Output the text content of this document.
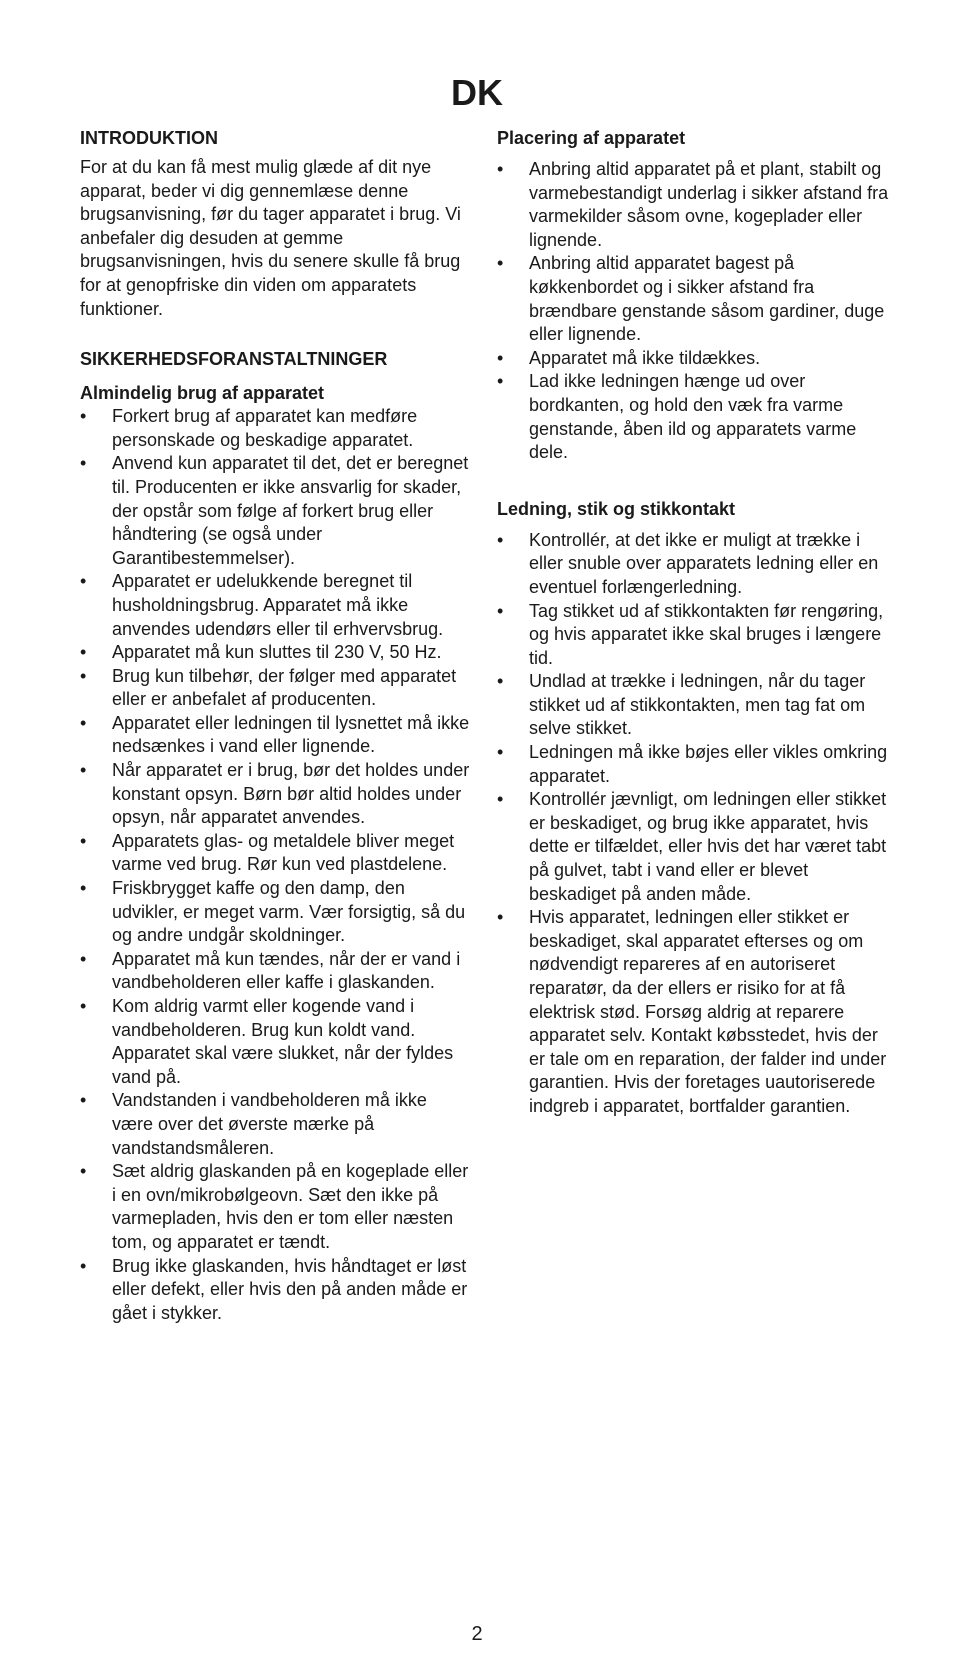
DK
INTRODUKTION

For at du kan få mest mulig glæde af dit nye apparat, beder vi dig gennemlæse denne brugsanvisning, før du tager apparatet i brug. Vi anbefaler dig desuden at gemme brugsanvisningen, hvis du senere skulle få brug for at genopfriske din viden om apparatets funktioner.

SIKKERHEDSFORANSTALTNINGER
Almindelig brug af apparatet
• Forkert brug af apparatet kan medføre personskade og beskadige apparatet.
• Anvend kun apparatet til det, det er beregnet til. Producenten er ikke ansvarlig for skader, der opstår som følge af forkert brug eller håndtering (se også under Garantibestemmelser).
• Apparatet er udelukkende beregnet til husholdningsbrug. Apparatet må ikke anvendes udendørs eller til erhvervsbrug.
• Apparatet må kun sluttes til 230 V, 50 Hz.
• Brug kun tilbehør, der følger med apparatet eller er anbefalet af producenten.
• Apparatet eller ledningen til lysnettet må ikke nedsænkes i vand eller lignende.
• Når apparatet er i brug, bør det holdes under konstant opsyn. Børn bør altid holdes under opsyn, når apparatet anvendes.
• Apparatets glas- og metaldele bliver meget varme ved brug. Rør kun ved plastdelene.
• Friskbrygget kaffe og den damp, den udvikler, er meget varm. Vær forsigtig, så du og andre undgår skoldninger.
• Apparatet må kun tændes, når der er vand i vandbeholderen eller kaffe i glaskanden.
• Kom aldrig varmt eller kogende vand i vandbeholderen. Brug kun koldt vand. Apparatet skal være slukket, når der fyldes vand på.
• Vandstanden i vandbeholderen må ikke være over det øverste mærke på vandstandsmåleren.
• Sæt aldrig glaskanden på en kogeplade eller i en ovn/mikrobølgeovn. Sæt den ikke på varmepladen, hvis den er tom eller næsten tom, og apparatet er tændt.
• Brug ikke glaskanden, hvis håndtaget er løst eller defekt, eller hvis den på anden måde er gået i stykker.
Placering af apparatet
• Anbring altid apparatet på et plant, stabilt og varmebestandigt underlag i sikker afstand fra varmekilder såsom ovne, kogeplader eller lignende.
• Anbring altid apparatet bagest på køkkenbordet og i sikker afstand fra brændbare genstande såsom gardiner, duge eller lignende.
• Apparatet må ikke tildækkes.
• Lad ikke ledningen hænge ud over bordkanten, og hold den væk fra varme genstande, åben ild og apparatets varme dele.
Ledning, stik og stikkontakt
• Kontrollér, at det ikke er muligt at trække i eller snuble over apparatets ledning eller en eventuel forlængerledning.
• Tag stikket ud af stikkontakten før rengøring, og hvis apparatet ikke skal bruges i længere tid.
• Undlad at trække i ledningen, når du tager stikket ud af stikkontakten, men tag fat om selve stikket.
• Ledningen må ikke bøjes eller vikles omkring apparatet.
• Kontrollér jævnligt, om ledningen eller stikket er beskadiget, og brug ikke apparatet, hvis dette er tilfældet, eller hvis det har været tabt på gulvet, tabt i vand eller er blevet beskadiget på anden måde.
• Hvis apparatet, ledningen eller stikket er beskadiget, skal apparatet efterses og om nødvendigt repareres af en autoriseret reparatør, da der ellers er risiko for at få elektrisk stød. Forsøg aldrig at reparere apparatet selv. Kontakt købsstedet, hvis der er tale om en reparation, der falder ind under garantien. Hvis der foretages uautoriserede indgreb i apparatet, bortfalder garantien.
2
